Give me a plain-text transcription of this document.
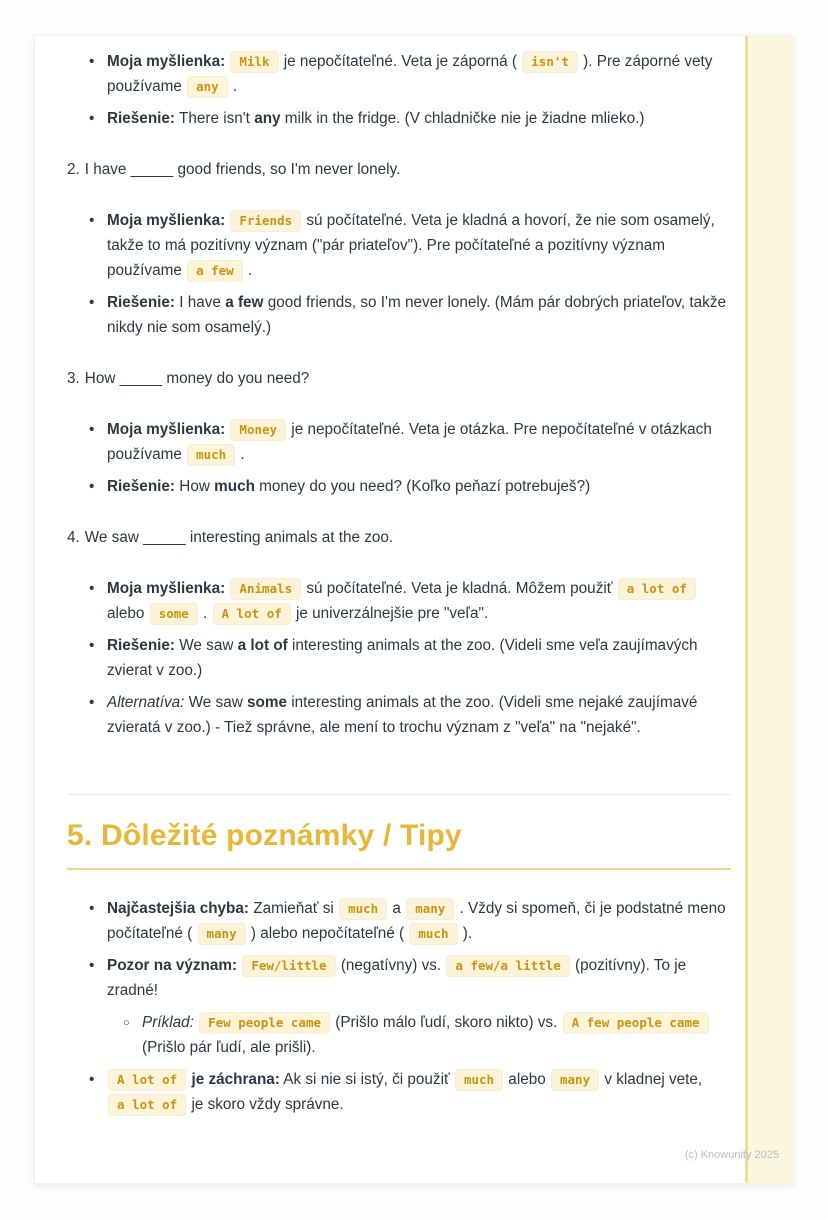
• Moja myšlienka: Milk je nepočítateľné. Veta je záporná ( isn't ). Pre záporné vety používame any .
• Riešenie: There isn't any milk in the fridge. (V chladničke nie je žiadne mlieko.)
2. I have _____ good friends, so I'm never lonely.
• Moja myšlienka: Friends sú počítateľné. Veta je kladná a hovorí, že nie som osamelý, takže to má pozitívny význam ("pár priateľov"). Pre počítateľné a pozitívny význam používame a few .
• Riešenie: I have a few good friends, so I'm never lonely. (Mám pár dobrých priateľov, takže nikdy nie som osamelý.)
3. How _____ money do you need?
• Moja myšlienka: Money je nepočítateľné. Veta je otázka. Pre nepočítateľné v otázkach používame much .
• Riešenie: How much money do you need? (Koľko peňazí potrebuješ?)
4. We saw _____ interesting animals at the zoo.
• Moja myšlienka: Animals sú počítateľné. Veta je kladná. Môžem použiť a lot of alebo some . A lot of je univerzálnejšie pre "veľa".
• Riešenie: We saw a lot of interesting animals at the zoo. (Videli sme veľa zaujímavých zvierat v zoo.)
• Alternatíva: We saw some interesting animals at the zoo. (Videli sme nejaké zaujímavé zvieratá v zoo.) - Tiež správne, ale mení to trochu význam z "veľa" na "nejaké".
5. Dôležité poznámky / Tipy
• Najčastejšia chyba: Zamieňať si much a many . Vždy si spomeň, či je podstatné meno počítateľné ( many ) alebo nepočítateľné ( much ).
• Pozor na význam: Few/little (negatívny) vs. a few/a little (pozitívny). To je zradné!
○ Príklad: Few people came (Prišlo málo ľudí, skoro nikto) vs. A few people came (Prišlo pár ľudí, ale prišli).
• A lot of je záchrana: Ak si nie si istý, či použiť much alebo many v kladnej vete, a lot of je skoro vždy správne.
(c) Knowunity 2025
